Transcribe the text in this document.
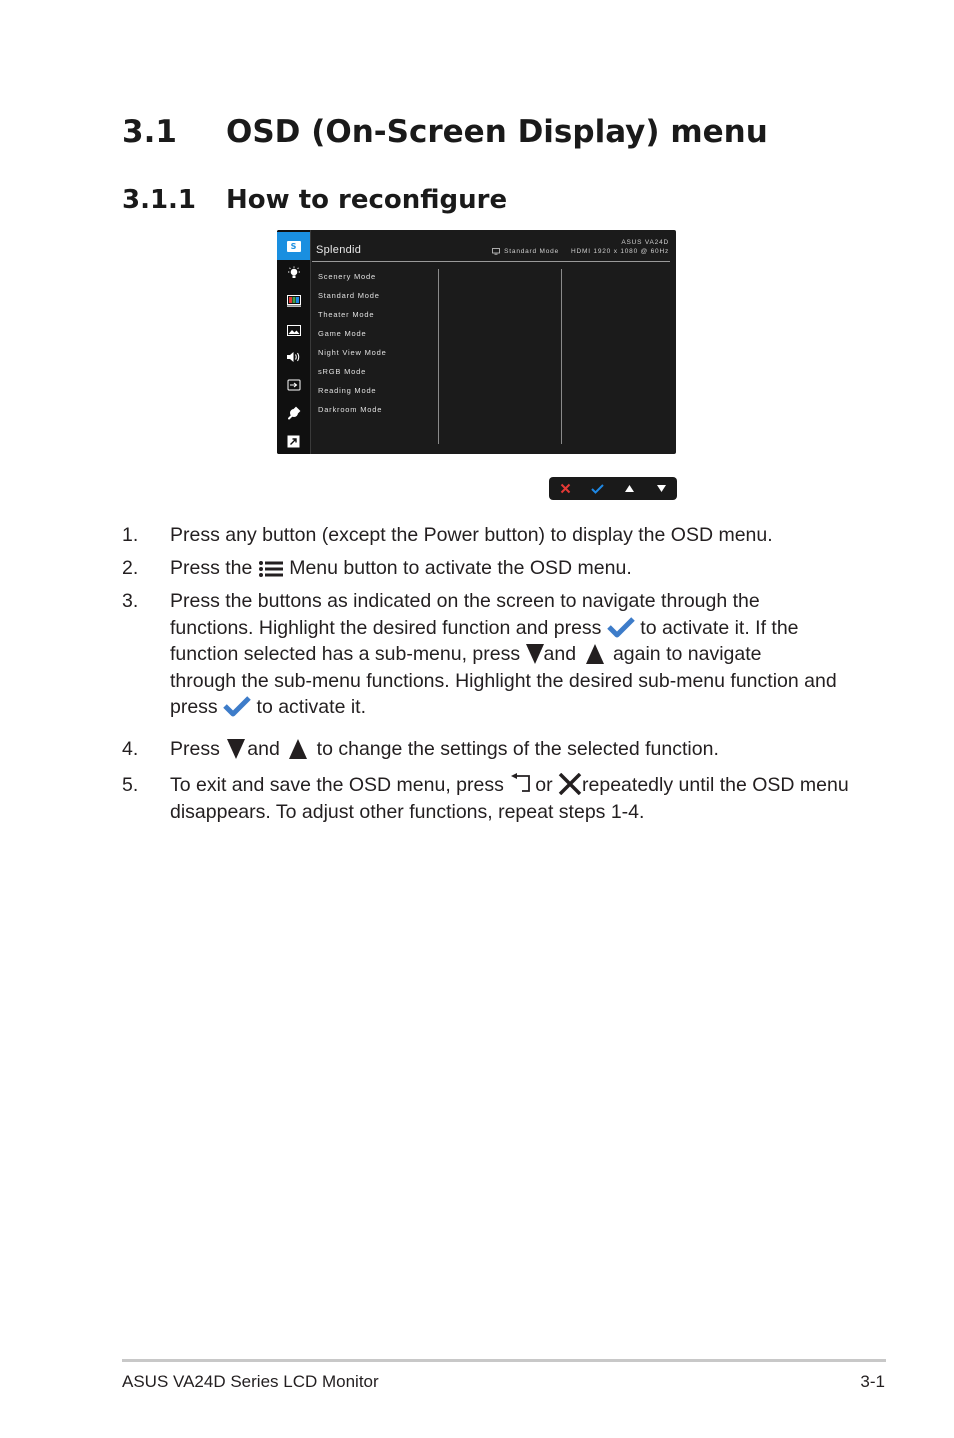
3.1 OSD (On-Screen Display) menu
3.1.1 How to reconfigure
S	Splendid
ASUS VA24D
Standard Mode HDMI 1920 x 1080 @ 60Hz
Scenery Mode
Standard Mode
Theater Mode
Game Mode
Night View Mode
sRGB Mode
Reading Mode
Darkroom Mode
1. Press any button (except the Power button) to display the OSD menu.
2. Press the Menu button to activate the OSD menu.
3. Press the buttons as indicated on the screen to navigate through the
functions. Highlight the desired function and press to activate it. If the
function selected has a sub-menu, press and again to navigate
through the sub-menu functions. Highlight the desired sub-menu function and
press to activate it.
4. Press and to change the settings of the selected function.
5. To exit and save the OSD menu, press or repeatedly until the OSD menu
disappears. To adjust other functions, repeat steps 1-4.
ASUS VA24D Series LCD Monitor	3-1
